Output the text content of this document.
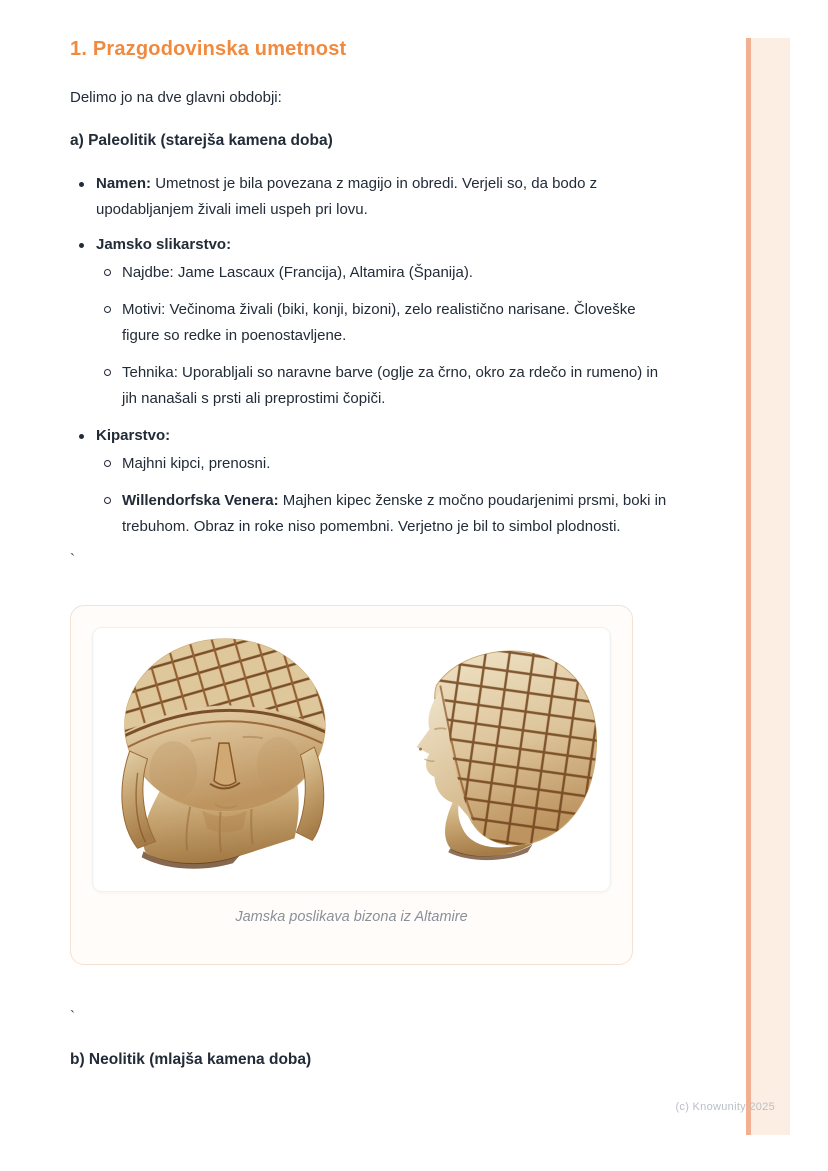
1. Prazgodovinska umetnost

Delimo jo na dve glavni obdobji:

a) Paleolitik (starejša kamena doba)
Namen: Umetnost je bila povezana z magijo in obredi. Verjeli so, da bodo z upodabljanjem živali imeli uspeh pri lovu.
Jamsko slikarstvo:
Najdbe: Jame Lascaux (Francija), Altamira (Španija).
Motivi: Večinoma živali (biki, konji, bizoni), zelo realistično narisane. Človeške figure so redke in poenostavljene.
Tehnika: Uporabljali so naravne barve (oglje za črno, okro za rdečo in rumeno) in jih nanašali s prsti ali preprostimi čopiči.
Kiparstvo:
Majhni kipci, prenosni.
Willendorfska Venera: Majhen kipec ženske z močno poudarjenimi prsmi, boki in trebuhom. Obraz in roke niso pomembni. Verjetno je bil to simbol plodnosti.
`
Jamska poslikava bizona iz Altamire
`
b) Neolitik (mlajša kamena doba)
(c) Knowunity 2025
